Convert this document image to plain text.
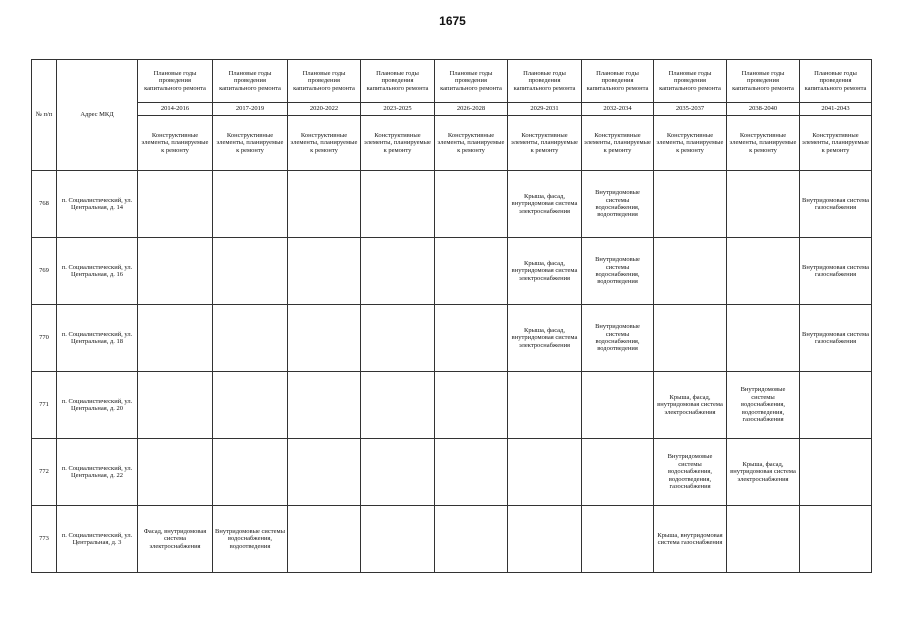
1675
№ п/п	Адрес МКД	Плановые годы проведения капитального ремонта	Плановые годы проведения капитального ремонта	Плановые годы проведения капитального ремонта	Плановые годы проведения капитального ремонта	Плановые годы проведения капитального ремонта	Плановые годы проведения капитального ремонта	Плановые годы проведения капитального ремонта	Плановые годы проведения капитального ремонта	Плановые годы проведения капитального ремонта	Плановые годы проведения капитального ремонта
		2014-2016	2017-2019	2020-2022	2023-2025	2026-2028	2029-2031	2032-2034	2035-2037	2038-2040	2041-2043
		Конструктивные элементы, планируемые к ремонту	Конструктивные элементы, планируемые к ремонту	Конструктивные элементы, планируемые к ремонту	Конструктивные элементы, планируемые к ремонту	Конструктивные элементы, планируемые к ремонту	Конструктивные элементы, планируемые к ремонту	Конструктивные элементы, планируемые к ремонту	Конструктивные элементы, планируемые к ремонту	Конструктивные элементы, планируемые к ремонту	Конструктивные элементы, планируемые к ремонту
768	п. Социалистический, ул. Центральная, д. 14						Крыша, фасад, внутридомовая система электроснабжения	Внутридомовые системы водоснабжения, водоотведения			Внутридомовая система газоснабжения
769	п. Социалистический, ул. Центральная, д. 16						Крыша, фасад, внутридомовая система электроснабжения	Внутридомовые системы водоснабжения, водоотведения			Внутридомовая система газоснабжения
770	п. Социалистический, ул. Центральная, д. 18						Крыша, фасад, внутридомовая система электроснабжения	Внутридомовые системы водоснабжения, водоотведения			Внутридомовая система газоснабжения
771	п. Социалистический, ул. Центральная, д. 20								Крыша, фасад, внутридомовая система электроснабжения	Внутридомовые системы водоснабжения, водоотведения, газоснабжения	
772	п. Социалистический, ул. Центральная, д. 22								Внутридомовые системы водоснабжения, водоотведения, газоснабжения	Крыша, фасад, внутридомовая система электроснабжения	
773	п. Социалистический, ул. Центральная, д. 3	Фасад, внутридомовая система электроснабжения	Внутридомовые системы водоснабжения, водоотведения						Крыша, внутридомовая система газоснабжения		
